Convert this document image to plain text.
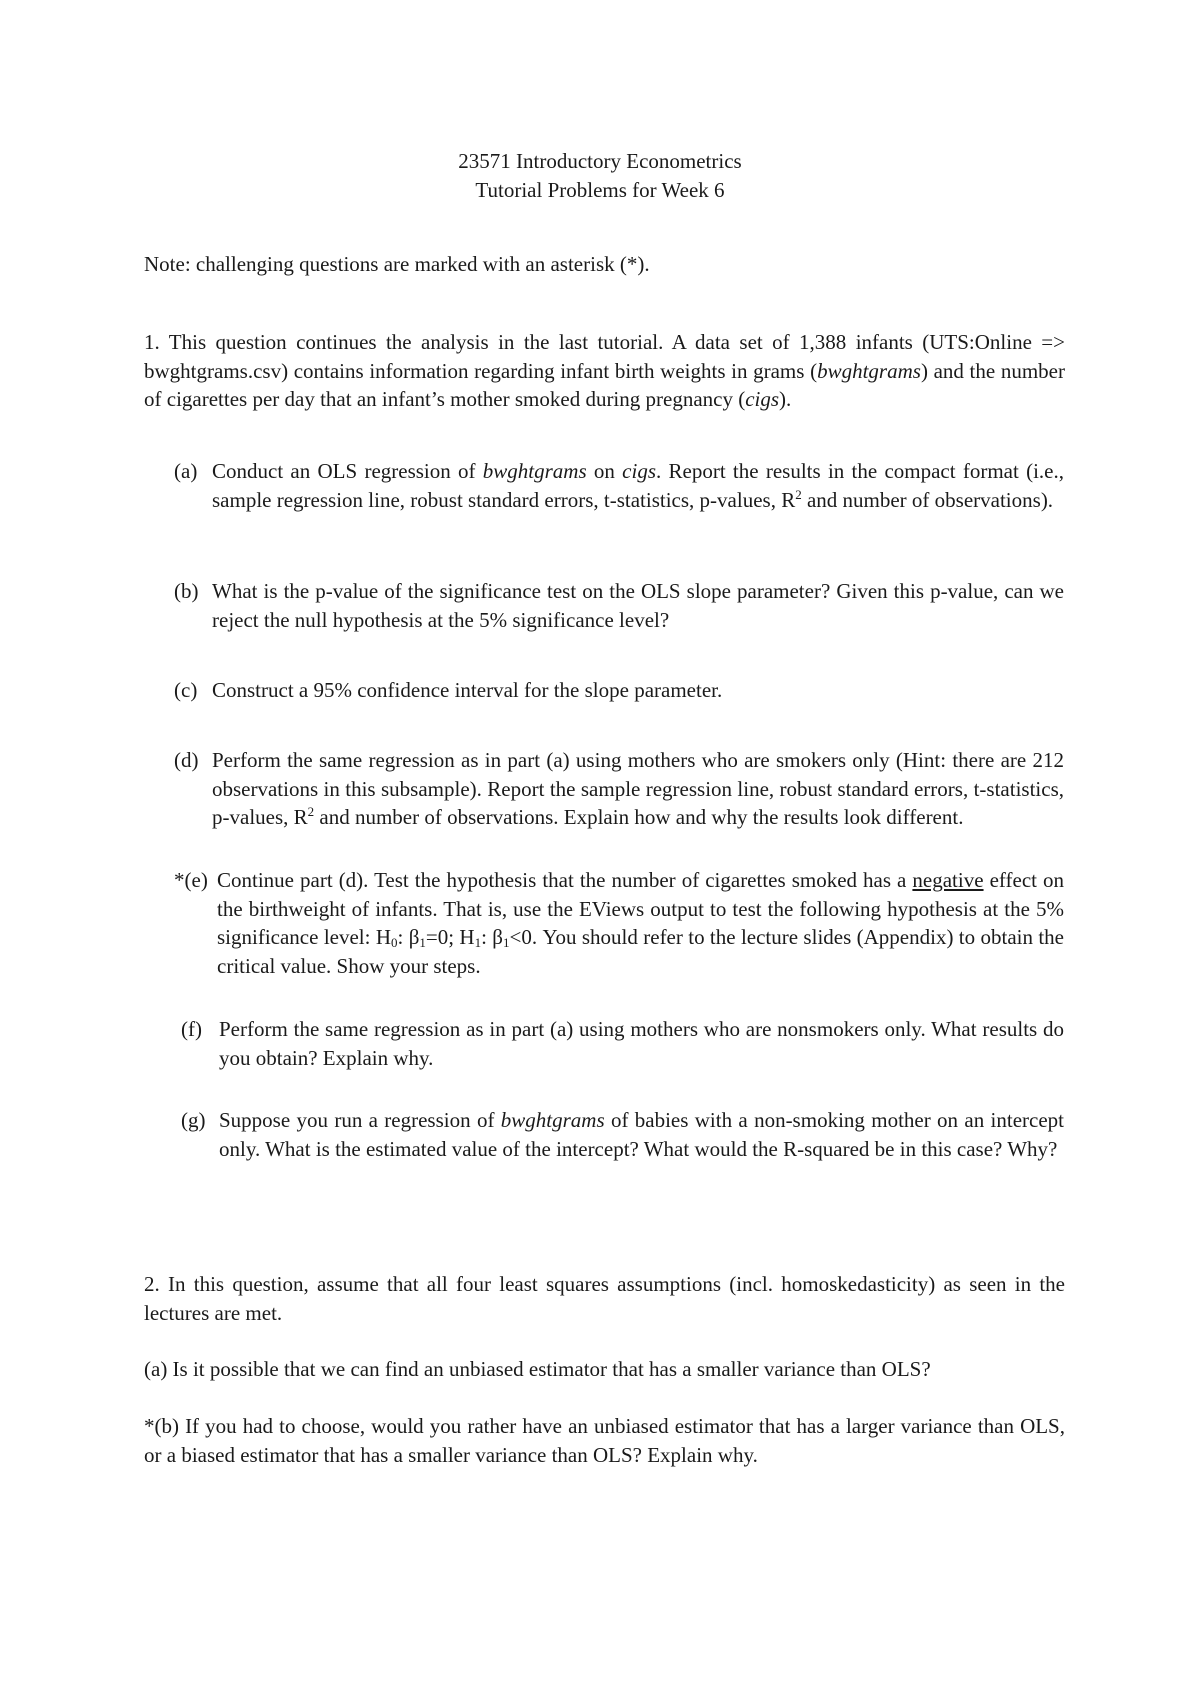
23571 Introductory Econometrics
Tutorial Problems for Week 6
Note: challenging questions are marked with an asterisk (*).
1. This question continues the analysis in the last tutorial. A data set of 1,388 infants (UTS:Online => bwghtgrams.csv) contains information regarding infant birth weights in grams (bwghtgrams) and the number of cigarettes per day that an infant’s mother smoked during pregnancy (cigs).
(a) Conduct an OLS regression of bwghtgrams on cigs. Report the results in the compact format (i.e., sample regression line, robust standard errors, t-statistics, p-values, $R^2$ and number of observations).
(b) What is the p-value of the significance test on the OLS slope parameter? Given this p-value, can we reject the null hypothesis at the 5% significance level?
(c) Construct a 95% confidence interval for the slope parameter.
(d) Perform the same regression as in part (a) using mothers who are smokers only (Hint: there are 212 observations in this subsample). Report the sample regression line, robust standard errors, t-statistics, p-values, $R^2$ and number of observations. Explain how and why the results look different.
*(e) Continue part (d). Test the hypothesis that the number of cigarettes smoked has a negative effect on the birthweight of infants. That is, use the EViews output to test the following hypothesis at the 5% significance level: H0: β1=0; H1: β1<0. You should refer to the lecture slides (Appendix) to obtain the critical value. Show your steps.
(f) Perform the same regression as in part (a) using mothers who are nonsmokers only. What results do you obtain? Explain why.
(g) Suppose you run a regression of bwghtgrams of babies with a non-smoking mother on an intercept only. What is the estimated value of the intercept? What would the R-squared be in this case? Why?
2. In this question, assume that all four least squares assumptions (incl. homoskedasticity) as seen in the lectures are met.
(a) Is it possible that we can find an unbiased estimator that has a smaller variance than OLS?
*(b) If you had to choose, would you rather have an unbiased estimator that has a larger variance than OLS, or a biased estimator that has a smaller variance than OLS? Explain why.
